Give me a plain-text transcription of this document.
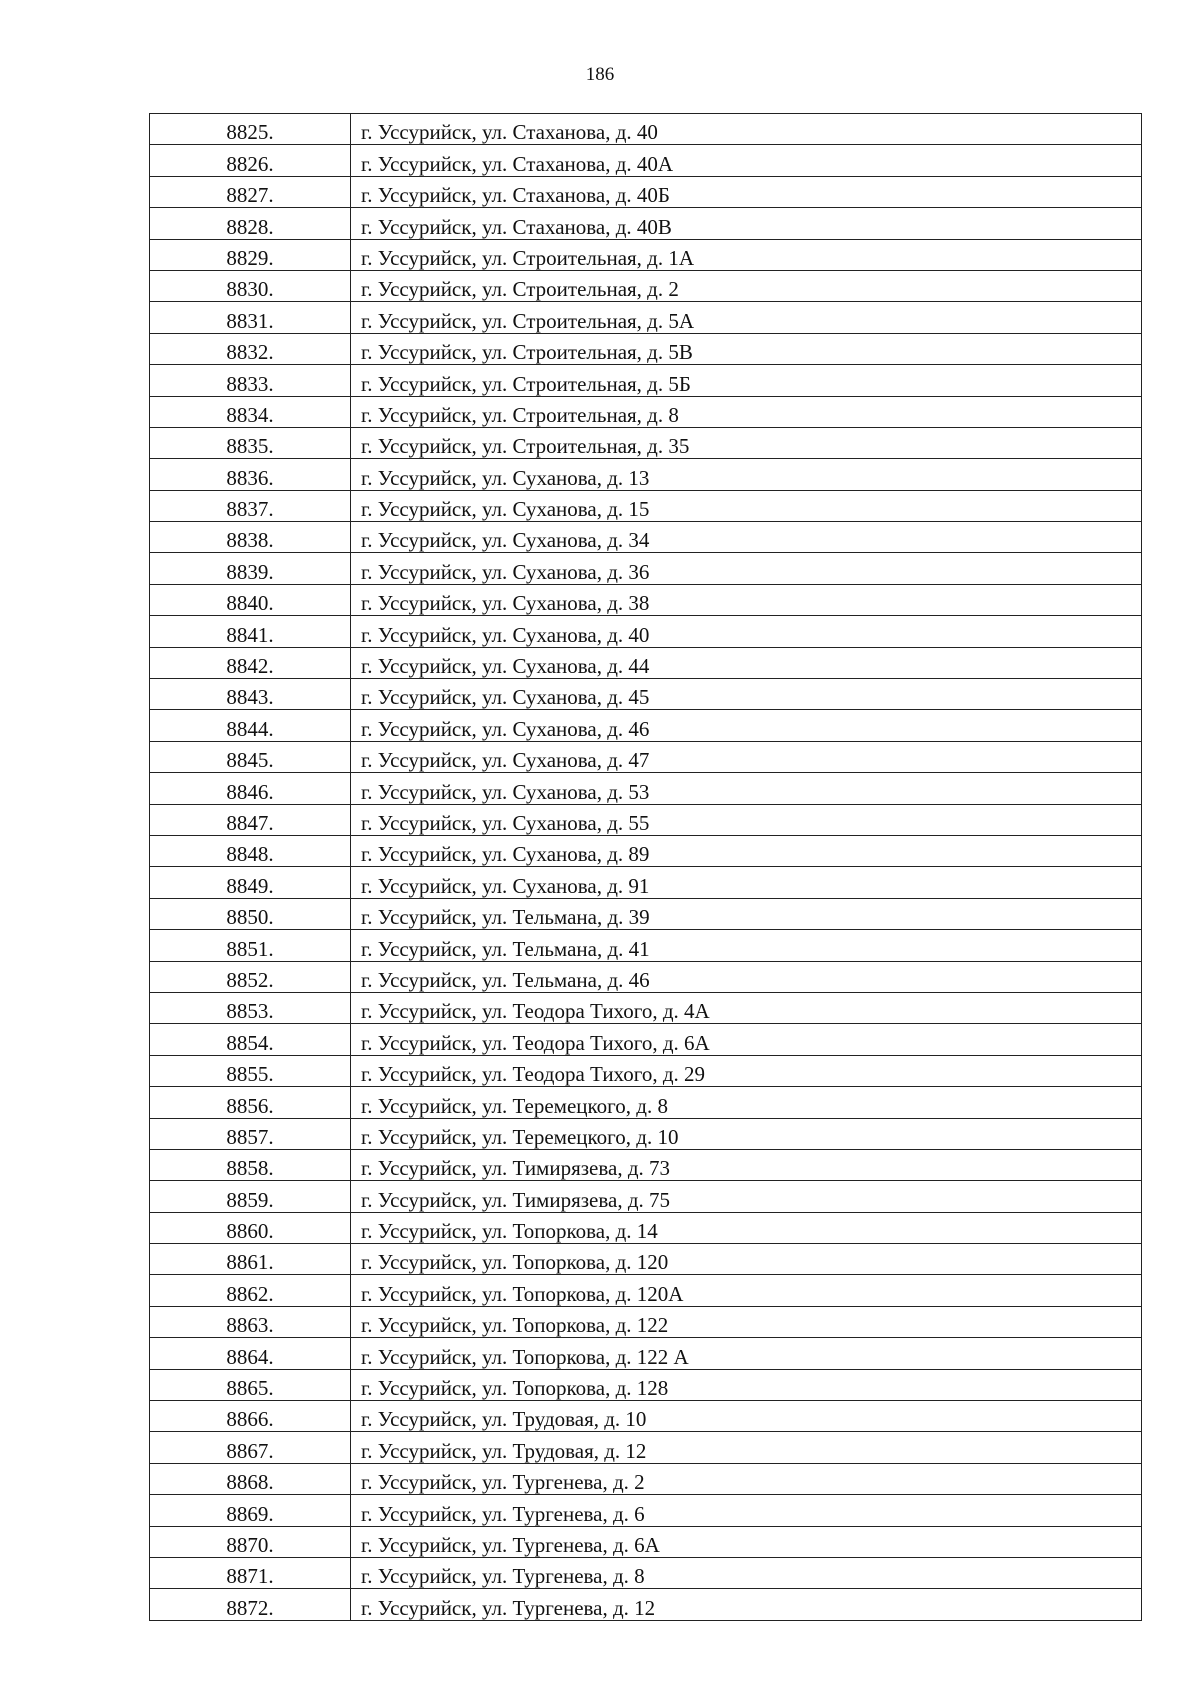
186
8825.	г. Уссурийск, ул. Стаханова, д. 40
8826.	г. Уссурийск, ул. Стаханова, д. 40А
8827.	г. Уссурийск, ул. Стаханова, д. 40Б
8828.	г. Уссурийск, ул. Стаханова, д. 40В
8829.	г. Уссурийск, ул. Строительная, д. 1А
8830.	г. Уссурийск, ул. Строительная, д. 2
8831.	г. Уссурийск, ул. Строительная, д. 5А
8832.	г. Уссурийск, ул. Строительная, д. 5В
8833.	г. Уссурийск, ул. Строительная, д. 5Б
8834.	г. Уссурийск, ул. Строительная, д. 8
8835.	г. Уссурийск, ул. Строительная, д. 35
8836.	г. Уссурийск, ул. Суханова, д. 13
8837.	г. Уссурийск, ул. Суханова, д. 15
8838.	г. Уссурийск, ул. Суханова, д. 34
8839.	г. Уссурийск, ул. Суханова, д. 36
8840.	г. Уссурийск, ул. Суханова, д. 38
8841.	г. Уссурийск, ул. Суханова, д. 40
8842.	г. Уссурийск, ул. Суханова, д. 44
8843.	г. Уссурийск, ул. Суханова, д. 45
8844.	г. Уссурийск, ул. Суханова, д. 46
8845.	г. Уссурийск, ул. Суханова, д. 47
8846.	г. Уссурийск, ул. Суханова, д. 53
8847.	г. Уссурийск, ул. Суханова, д. 55
8848.	г. Уссурийск, ул. Суханова, д. 89
8849.	г. Уссурийск, ул. Суханова, д. 91
8850.	г. Уссурийск, ул. Тельмана, д. 39
8851.	г. Уссурийск, ул. Тельмана, д. 41
8852.	г. Уссурийск, ул. Тельмана, д. 46
8853.	г. Уссурийск, ул. Теодора Тихого, д. 4А
8854.	г. Уссурийск, ул. Теодора Тихого, д. 6А
8855.	г. Уссурийск, ул. Теодора Тихого, д. 29
8856.	г. Уссурийск, ул. Теремецкого, д. 8
8857.	г. Уссурийск, ул. Теремецкого, д. 10
8858.	г. Уссурийск, ул. Тимирязева, д. 73
8859.	г. Уссурийск, ул. Тимирязева, д. 75
8860.	г. Уссурийск, ул. Топоркова, д. 14
8861.	г. Уссурийск, ул. Топоркова, д. 120
8862.	г. Уссурийск, ул. Топоркова, д. 120А
8863.	г. Уссурийск, ул. Топоркова, д. 122
8864.	г. Уссурийск, ул. Топоркова, д. 122 А
8865.	г. Уссурийск, ул. Топоркова, д. 128
8866.	г. Уссурийск, ул. Трудовая, д. 10
8867.	г. Уссурийск, ул. Трудовая, д. 12
8868.	г. Уссурийск, ул. Тургенева, д. 2
8869.	г. Уссурийск, ул. Тургенева, д. 6
8870.	г. Уссурийск, ул. Тургенева, д. 6А
8871.	г. Уссурийск, ул. Тургенева, д. 8
8872.	г. Уссурийск, ул. Тургенева, д. 12
